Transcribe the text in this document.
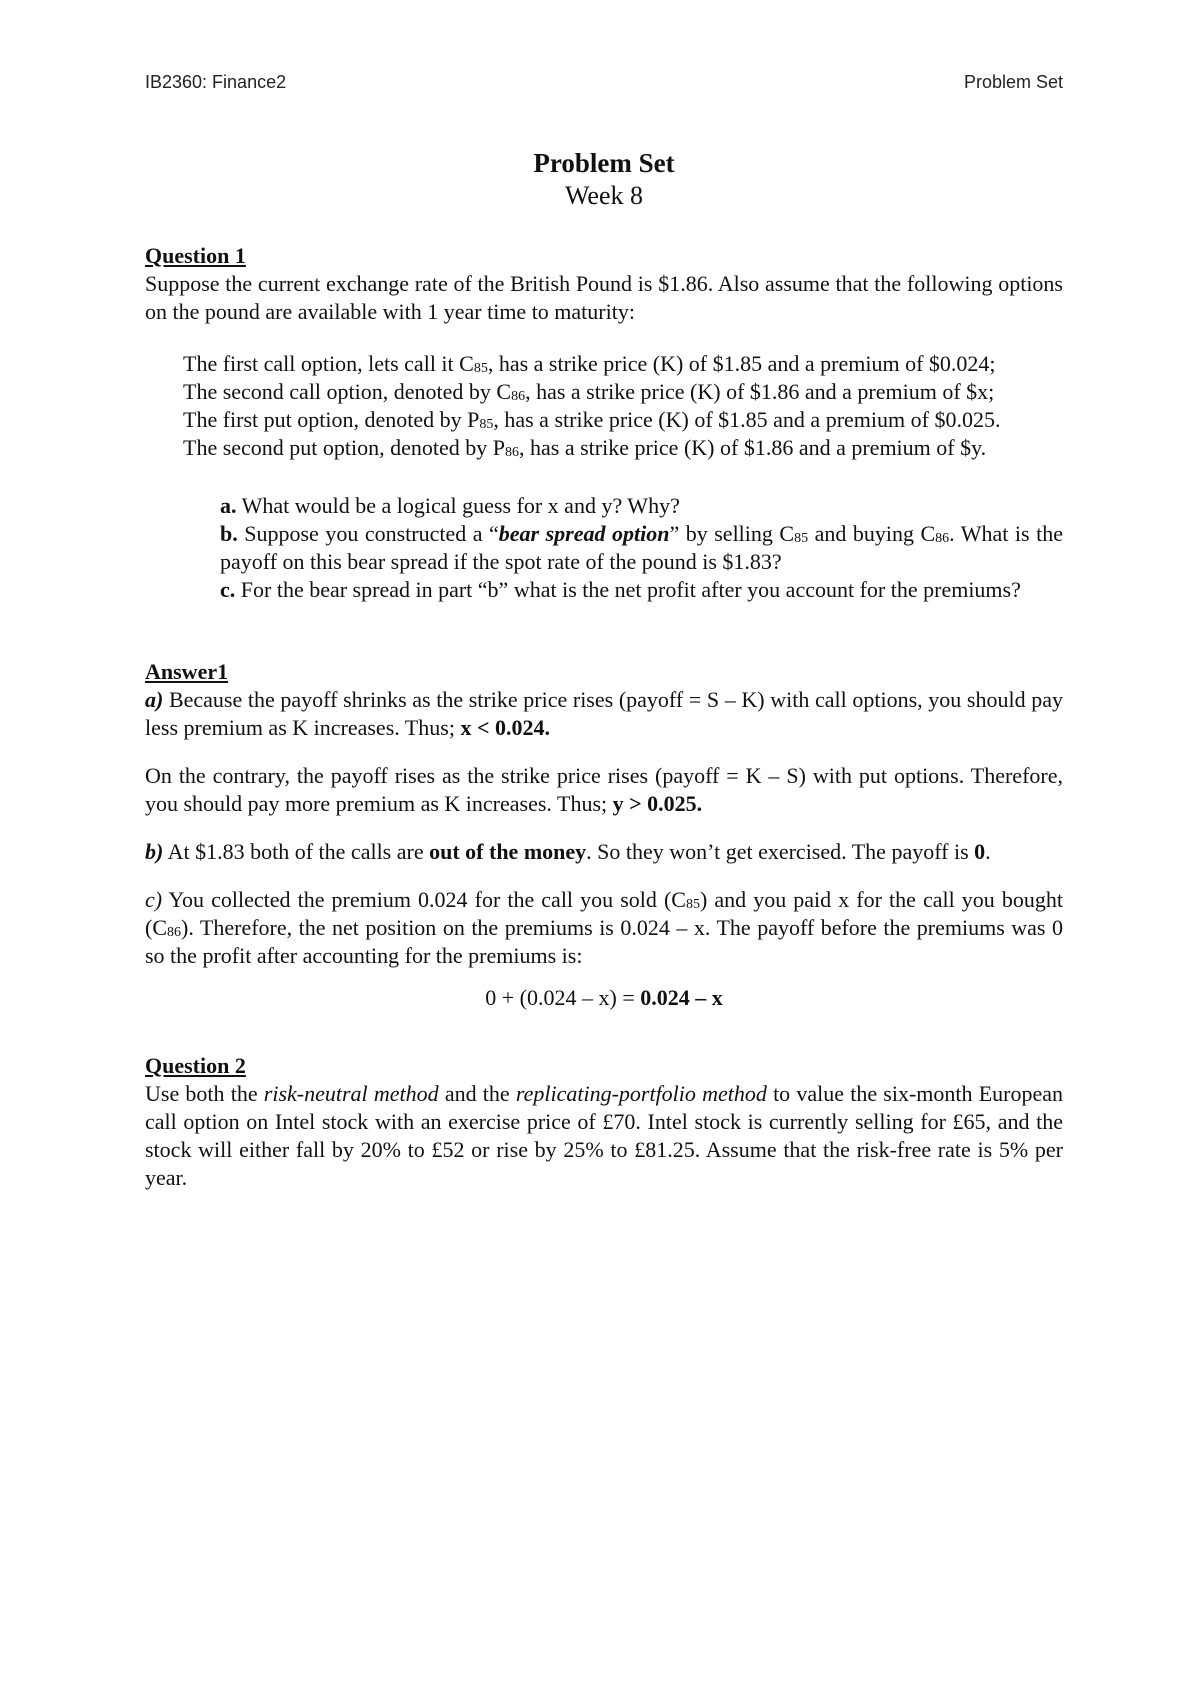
IB2360: Finance2	Problem Set
Problem Set
Week 8
Question 1

Suppose the current exchange rate of the British Pound is $1.86. Also assume that the following options on the pound are available with 1 year time to maturity:

The first call option, lets call it $C_{85}$, has a strike price (K) of $1.85 and a premium of $0.024;

The second call option, denoted by $C_{86}$, has a strike price (K) of $1.86 and a premium of $x;

The first put option, denoted by $P_{85}$, has a strike price (K) of $1.85 and a premium of $0.025.

The second put option, denoted by $P_{86}$, has a strike price (K) of $1.86 and a premium of $y.

a. What would be a logical guess for x and y? Why?

b. Suppose you constructed a “bear spread option” by selling $C_{85}$ and buying $C_{86}$. What is the payoff on this bear spread if the spot rate of the pound is $1.83?

c. For the bear spread in part “b” what is the net profit after you account for the premiums?

Answer1

a) Because the payoff shrinks as the strike price rises (payoff = S – K) with call options, you should pay less premium as K increases. Thus; x < 0.024.

On the contrary, the payoff rises as the strike price rises (payoff = K – S) with put options. Therefore, you should pay more premium as K increases. Thus; y > 0.025.

b) At $1.83 both of the calls are out of the money. So they won’t get exercised. The payoff is 0.

c) You collected the premium 0.024 for the call you sold $(C_{85})$ and you paid x for the call you bought $(C_{86})$. Therefore, the net position on the premiums is 0.024 – x. The payoff before the premiums was 0 so the profit after accounting for the premiums is:

0 + (0.024 – x) = 0.024 – x

Question 2

Use both the risk-neutral method and the replicating-portfolio method to value the six-month European call option on Intel stock with an exercise price of £70. Intel stock is currently selling for £65, and the stock will either fall by 20% to £52 or rise by 25% to £81.25. Assume that the risk-free rate is 5% per year.
